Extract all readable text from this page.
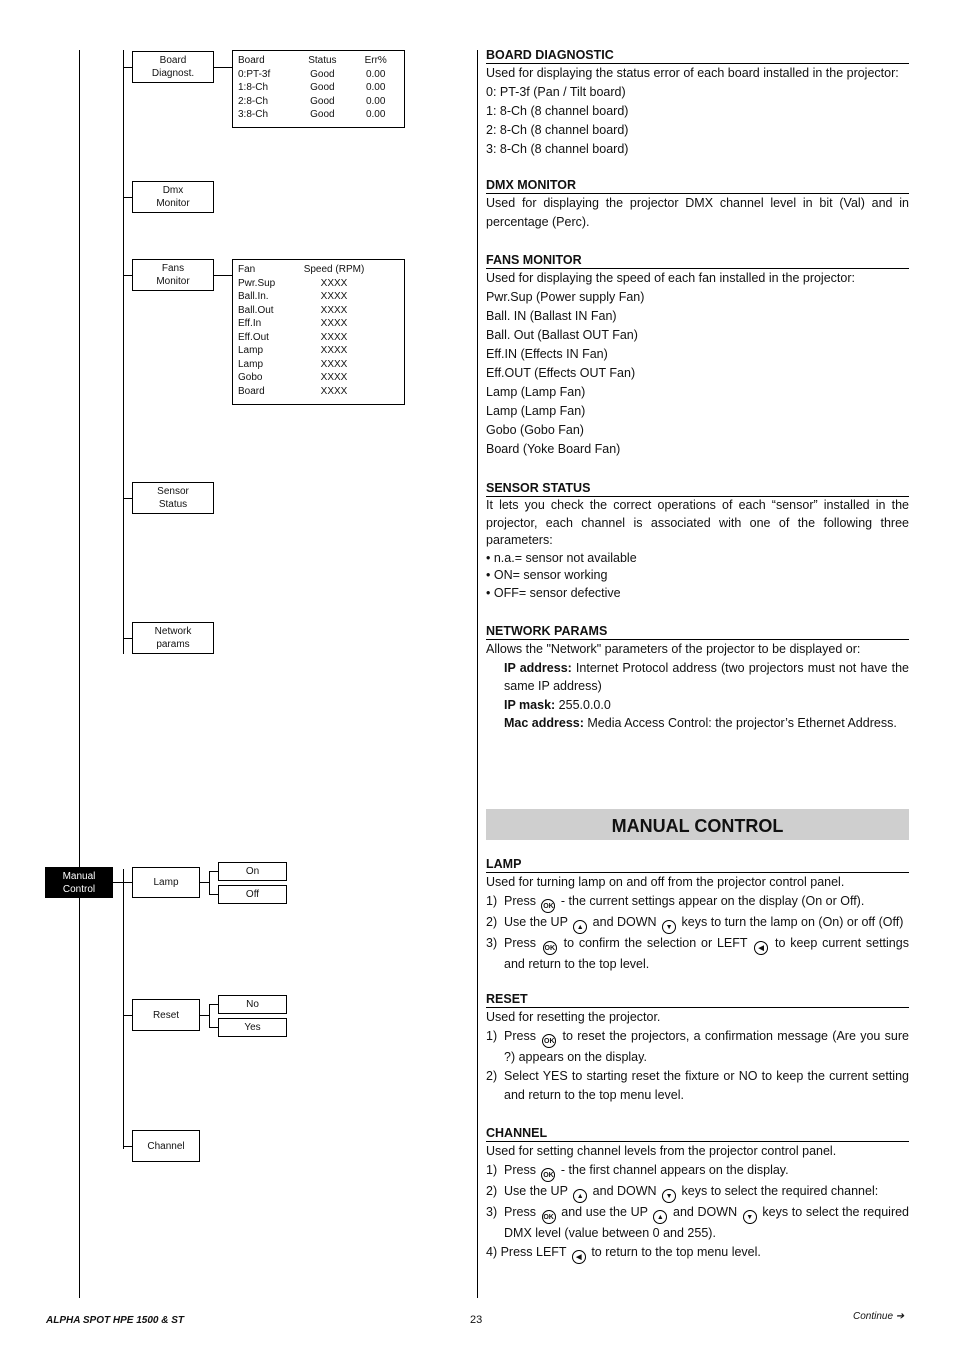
Board
Diagnost.
Dmx
Monitor
Fans
Monitor
Sensor
Status
Network
params
Manual
Control
Lamp
On
Off
Reset
No
Yes
Channel
Board	Status	Err%
0:PT-3f	Good	0.00
1:8-Ch	Good	0.00
2:8-Ch	Good	0.00
3:8-Ch	Good	0.00
Fan	Speed (RPM)
Pwr.Sup	XXXX
Ball.In.	XXXX
Ball.Out	XXXX
Eff.In	XXXX
Eff.Out	XXXX
Lamp	XXXX
Lamp	XXXX
Gobo	XXXX
Board	XXXX
BOARD DIAGNOSTIC

Used for displaying the status error of each board installed in the projector:

0: PT-3f (Pan / Tilt board)

1: 8-Ch (8 channel board)

2: 8-Ch (8 channel board)

3: 8-Ch (8 channel board)

DMX MONITOR

Used for displaying the projector DMX channel level in bit (Val) and in percentage (Perc).

FANS MONITOR

Used for displaying the speed of each fan installed in the projector:

Pwr.Sup (Power supply Fan)

Ball. IN (Ballast IN Fan)

Ball. Out (Ballast OUT Fan)

Eff.IN (Effects IN Fan)

Eff.OUT (Effects OUT Fan)

Lamp (Lamp Fan)

Lamp (Lamp Fan)

Gobo (Gobo Fan)

Board (Yoke Board Fan)

SENSOR STATUS

It lets you check the correct operations of each “sensor” installed in the projector, each channel is associated with one of the following three parameters:

• n.a.= sensor not available

• ON= sensor working

• OFF= sensor defective

NETWORK PARAMS

Allows the "Network" parameters of the projector to be displayed or:

IP address: Internet Protocol address (two projectors must not have the same IP address)

IP mask: 255.0.0.0

Mac address: Media Access Control: the projector’s Ethernet Address.

MANUAL CONTROL
LAMP

Used for turning lamp on and off from the projector control panel.

1) Press OK - the current settings appear on the display (On or Off).
2) Use the UP ▲ and DOWN ▼ keys to turn the lamp on (On) or off (Off)
3) Press OK to confirm the selection or LEFT ◀ to keep current settings and return to the top level.
RESET

Used for resetting the projector.

1) Press OK to reset the projectors, a confirmation message (Are you sure ?) appears on the display.
2) Select YES to starting reset the fixture or NO to keep the current setting and return to the top menu level.
CHANNEL

Used for setting channel levels from the projector control panel.

1) Press OK - the first channel appears on the display.
2) Use the UP ▲ and DOWN ▼ keys to select the required channel:
3) Press OK and use the UP ▲ and DOWN ▼ keys to select the required DMX level (value between 0 and 255).

4) Press LEFT ◀ to return to the top menu level.

ALPHA SPOT HPE 1500 & ST	23	Continue ➔
